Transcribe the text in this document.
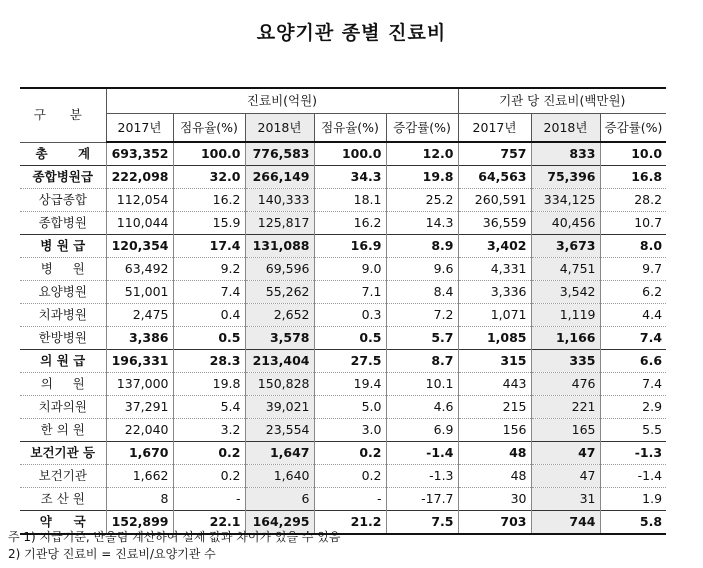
요양기관 종별 진료비
구 분	진료비(억원)					기관 당 진료비(백만원)		
	2017년	점유율(%)	2018년	점유율(%)	증감률(%)	2017년	2018년	증감률(%)
총       계	693,352	100.0	776,583	100.0	12.0	757	833	10.0
종합병원급	222,098	32.0	266,149	34.3	19.8	64,563	75,396	16.8
상급종합	112,054	16.2	140,333	18.1	25.2	260,591	334,125	28.2
종합병원	110,044	15.9	125,817	16.2	14.3	36,559	40,456	10.7
병 원 급	120,354	17.4	131,088	16.9	8.9	3,402	3,673	8.0
병     원	63,492	9.2	69,596	9.0	9.6	4,331	4,751	9.7
요양병원	51,001	7.4	55,262	7.1	8.4	3,336	3,542	6.2
치과병원	2,475	0.4	2,652	0.3	7.2	1,071	1,119	4.4
한방병원	3,386	0.5	3,578	0.5	5.7	1,085	1,166	7.4
의 원 급	196,331	28.3	213,404	27.5	8.7	315	335	6.6
의     원	137,000	19.8	150,828	19.4	10.1	443	476	7.4
치과의원	37,291	5.4	39,021	5.0	4.6	215	221	2.9
한 의 원	22,040	3.2	23,554	3.0	6.9	156	165	5.5
보건기관 등	1,670	0.2	1,647	0.2	-1.4	48	47	-1.3
보건기관	1,662	0.2	1,640	0.2	-1.3	48	47	-1.4
조 산 원	8	-	6	-	-17.7	30	31	1.9
약     국	152,899	22.1	164,295	21.2	7.5	703	744	5.8
주 1) 지급기준, 반올림 계산하여 실제 값과 차이가 있을 수 있음
2) 기관당 진료비 = 진료비/요양기관 수
